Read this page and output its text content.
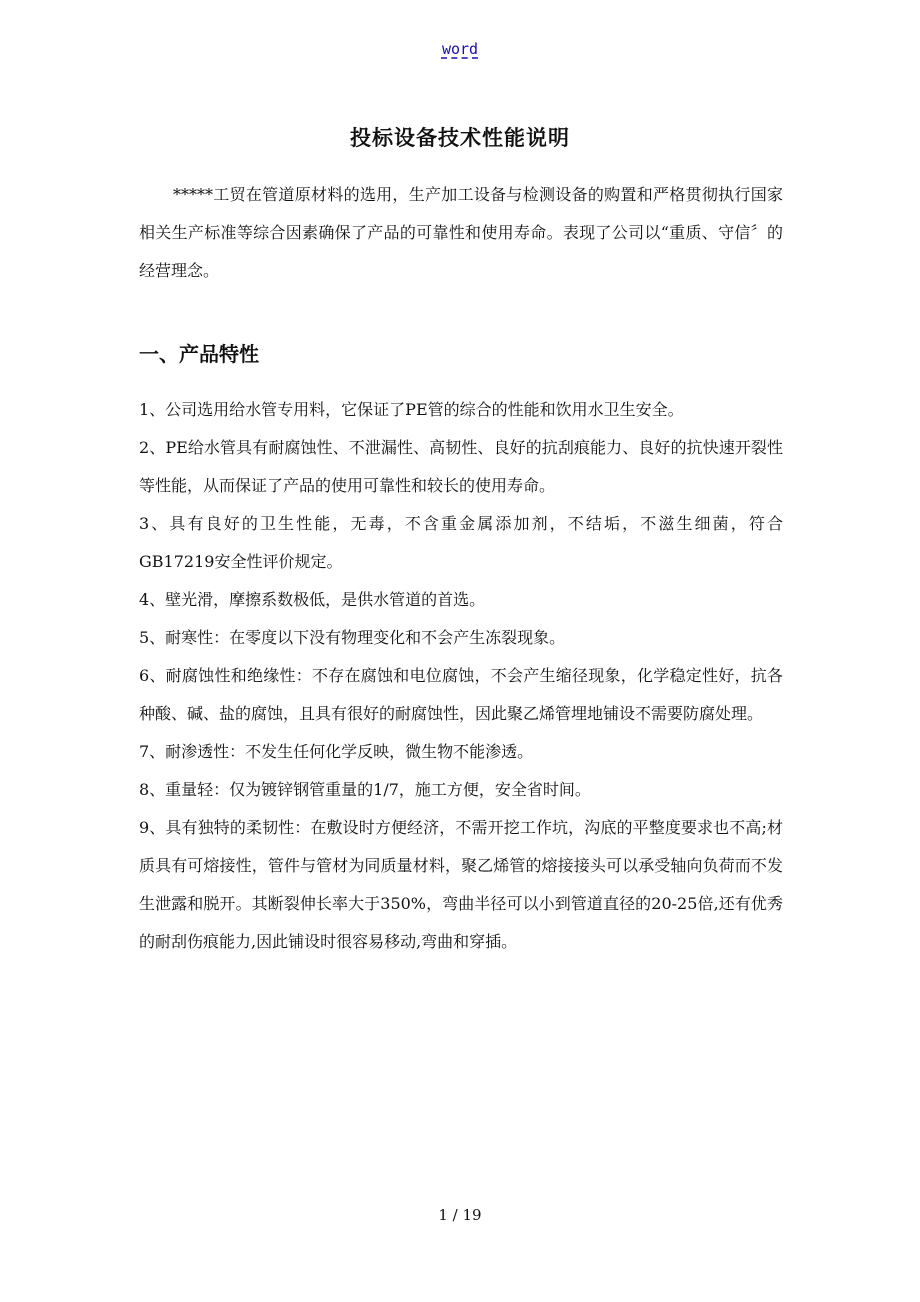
word
投标设备技术性能说明

*****工贸在管道原材料的选用，生产加工设备与检测设备的购置和严格贯彻执行国家相关生产标准等综合因素确保了产品的可靠性和使用寿命。表现了公司以“重质、守信〞的经营理念。

一、产品特性
1、公司选用给水管专用料，它保证了PE管的综合的性能和饮用水卫生安全。
2、PE给水管具有耐腐蚀性、不泄漏性、高韧性、良好的抗刮痕能力、良好的抗快速开裂性等性能，从而保证了产品的使用可靠性和较长的使用寿命。
3、具有良好的卫生性能，无毒，不含重金属添加剂，不结垢，不滋生细菌，符合GB17219安全性评价规定。
4、壁光滑，摩擦系数极低，是供水管道的首选。
5、耐寒性：在零度以下没有物理变化和不会产生冻裂现象。
6、耐腐蚀性和绝缘性：不存在腐蚀和电位腐蚀，不会产生缩径现象，化学稳定性好，抗各种酸、碱、盐的腐蚀，且具有很好的耐腐蚀性，因此聚乙烯管埋地铺设不需要防腐处理。
7、耐渗透性：不发生任何化学反映，微生物不能渗透。
8、重量轻：仅为镀锌钢管重量的1/7，施工方便，安全省时间。
9、具有独特的柔韧性：在敷设时方便经济，不需开挖工作坑，沟底的平整度要求也不高;材质具有可熔接性，管件与管材为同质量材料，聚乙烯管的熔接接头可以承受轴向负荷而不发生泄露和脱开。其断裂伸长率大于350%，弯曲半径可以小到管道直径的20-25倍,还有优秀的耐刮伤痕能力,因此铺设时很容易移动,弯曲和穿插。
1 / 19
